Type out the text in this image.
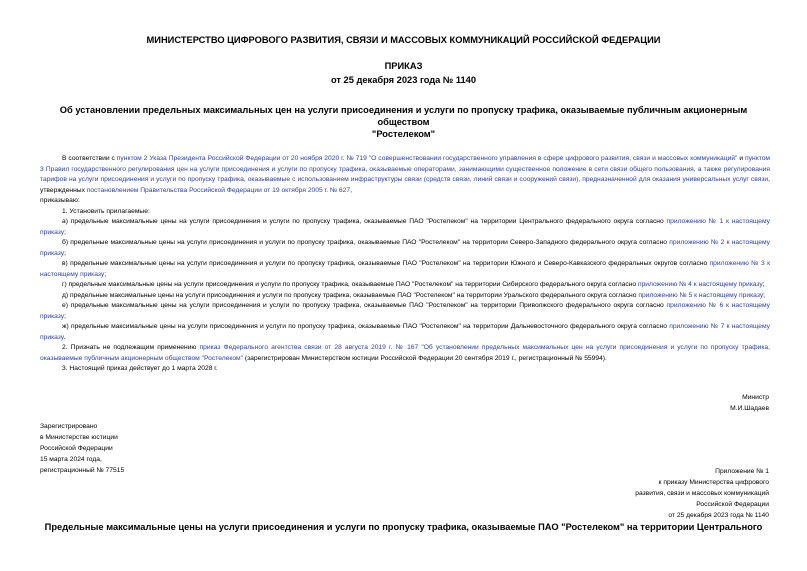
МИНИСТЕРСТВО ЦИФРОВОГО РАЗВИТИЯ, СВЯЗИ И МАССОВЫХ КОММУНИКАЦИЙ РОССИЙСКОЙ ФЕДЕРАЦИИ
ПРИКАЗ
от 25 декабря 2023 года № 1140
Об установлении предельных максимальных цен на услуги присоединения и услуги по пропуску трафика, оказываемые публичным акционерным обществом
"Ростелеком"

В соответствии с пунктом 2 Указа Президента Российской Федерации от 20 ноября 2020 г. № 719 "О совершенствовании государственного управления в сфере цифрового развития, связи и массовых коммуникаций" и пунктом 3 Правил государственного регулирования цен на услуги присоединения и услуги по пропуску трафика, оказываемые операторами, занимающими существенное положение в сети связи общего пользования, а также регулирования тарифов на услуги присоединения и услуги по пропуску трафика, оказываемые с использованием инфраструктуры связи (средств связи, линий связи и сооружений связи), предназначенной для оказания универсальных услуг связи, утвержденных постановлением Правительства Российской Федерации от 19 октября 2005 г. № 627,

приказываю:

1. Установить прилагаемые:

а) предельные максимальные цены на услуги присоединения и услуги по пропуску трафика, оказываемые ПАО "Ростелеком" на территории Центрального федерального округа согласно приложению № 1 к настоящему приказу;

б) предельные максимальные цены на услуги присоединения и услуги по пропуску трафика, оказываемые ПАО "Ростелеком" на территории Северо-Западного федерального округа согласно приложению № 2 к настоящему приказу;

в) предельные максимальные цены на услуги присоединения и услуги по пропуску трафика, оказываемые ПАО "Ростелеком" на территории Южного и Северо-Кавказского федеральных округов согласно приложению № 3 к настоящему приказу;

г) предельные максимальные цены на услуги присоединения и услуги по пропуску трафика, оказываемые ПАО "Ростелеком" на территории Сибирского федерального округа согласно приложению № 4 к настоящему приказу;

д) предельные максимальные цены на услуги присоединения и услуги по пропуску трафика, оказываемые ПАО "Ростелеком" на территории Уральского федерального округа согласно приложению № 5 к настоящему приказу;

е) предельные максимальные цены на услуги присоединения и услуги по пропуску трафика, оказываемые ПАО "Ростелеком" на территории Приволжского федерального округа согласно приложению № 6 к настоящему приказу;

ж) предельные максимальные цены на услуги присоединения и услуги по пропуску трафика, оказываемые ПАО "Ростелеком" на территории Дальневосточного федерального округа согласно приложению № 7 к настоящему приказу.

2. Признать не подлежащим применению приказ Федерального агентства связи от 28 августа 2019 г. № 167 "Об установлении предельных максимальных цен на услуги присоединения и услуги по пропуску трафика, оказываемые публичным акционерным обществом "Ростелеком" (зарегистрирован Министерством юстиции Российской Федерации 20 сентября 2019 г., регистрационный № 55994).

3. Настоящий приказ действует до 1 марта 2028 г.

Министр
М.И.Шадаев
Зарегистрировано
в Министерстве юстиции
Российской Федерации
15 марта 2024 года,
регистрационный № 77515	Приложение № 1
к приказу Министерства цифрового
развития, связи и массовых коммуникаций
Российской Федерации
от 25 декабря 2023 года № 1140
Предельные максимальные цены на услуги присоединения и услуги по пропуску трафика, оказываемые ПАО "Ростелеком" на территории Центрального
